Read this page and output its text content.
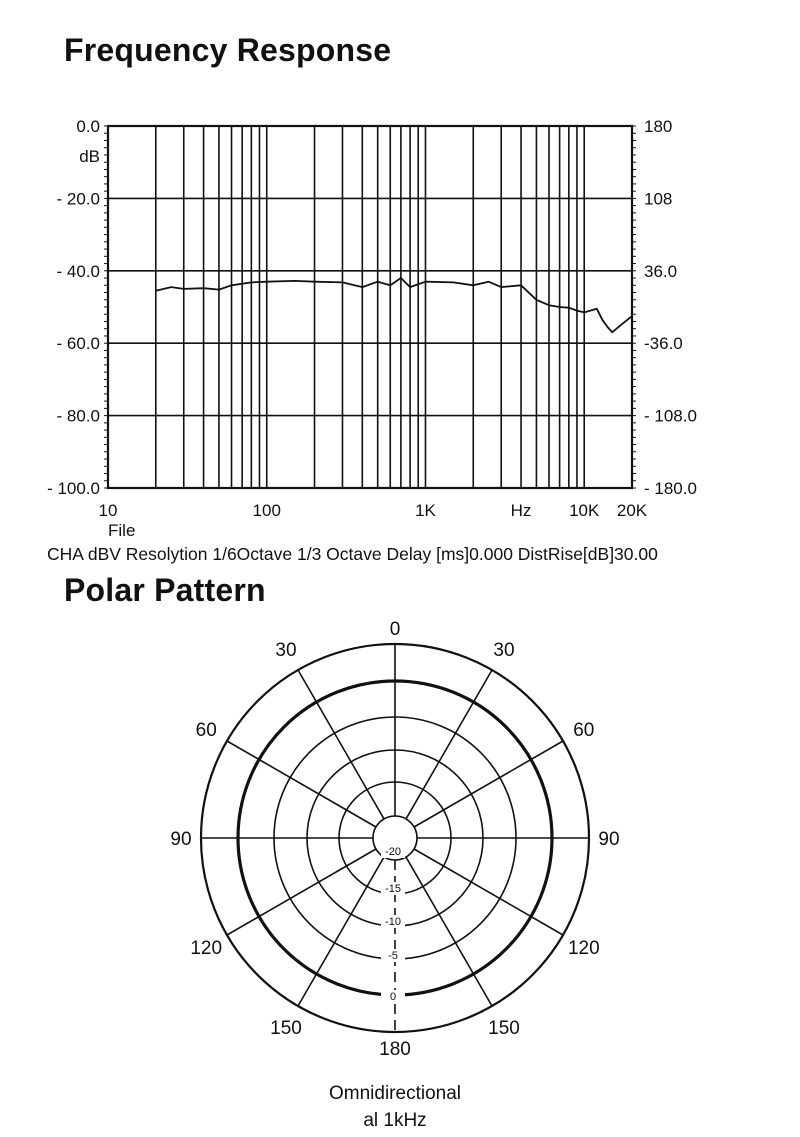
Frequency Response
Polar Pattern
CHA dBV Resolytion 1/6Octave 1/3 Octave Delay [ms]0.000 DistRise[dB]30.00
0.0
- 20.0
- 40.0
- 60.0
- 80.0
- 100.0
dB
180
108
36.0
-36.0
- 108.0
- 180.0
10	100	1K	10K 20K
Hz
File
-20
-15
-10
-5
0
0
30
60
90
120
150
180
150
120
90
60
30
Omnidirectional
al 1kHz
